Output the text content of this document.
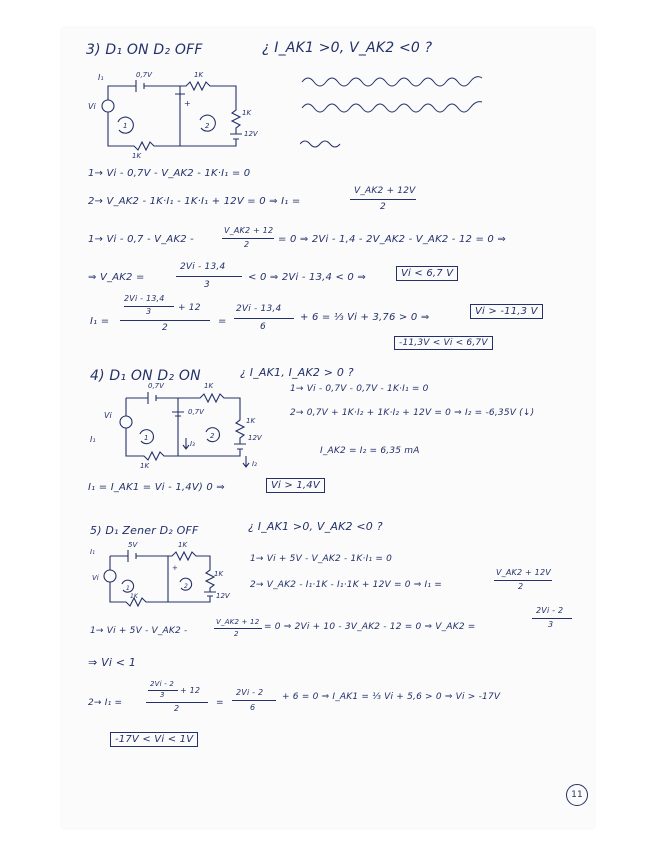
3) D₁ ON D₂ OFF	¿ I_AK1 >0, V_AK2 <0 ?
I₁	0,7V	1K
1K
12V
1K
Vi
1	2
+
1→ Vi - 0,7V - V_AK2 - 1K·I₁ = 0
2→ V_AK2 - 1K·I₁ - 1K·I₁ + 12V = 0 ⇒ I₁ =
V_AK2 + 12V
2
1→ Vi - 0,7 - V_AK2 -
V_AK2 + 12
2	= 0 ⇒ 2Vi - 1,4 - 2V_AK2 - V_AK2 - 12 = 0 ⇒
⇒ V_AK2 =
2Vi - 13,4
3
< 0 ⇒ 2Vi - 13,4 < 0 ⇒	Vi < 6,7 V
I₁ =
2Vi - 13,4
3	+ 12
2
=
2Vi - 13,4
6
+ 6 = ⅓ Vi + 3,76 > 0 ⇒
Vi > -11,3 V
-11,3V < Vi < 6,7V
4) D₁ ON D₂ ON	¿ I_AK1, I_AK2 > 0 ?
0,7V
0,7V
1K
1K
12V
1K
Vi
I₁	I₃
I₂
1	2
1→ Vi - 0,7V - 0,7V - 1K·I₁ = 0
2→ 0,7V + 1K·I₂ + 1K·I₂ + 12V = 0 ⇒ I₂ = -6,35V (↓)
I_AK2 = I₂ = 6,35 mA
I₁ = I_AK1 = Vi - 1,4V) 0 ⇒	Vi > 1,4V
5) D₁ Zener D₂ OFF	¿ I_AK1 >0, V_AK2 <0 ?
I₁
5V	1K
1K
12V
1K
Vi
1	2
+
1→ Vi + 5V - V_AK2 - 1K·I₁ = 0
2→ V_AK2 - I₁·1K - I₁·1K + 12V = 0 ⇒ I₁ =
V_AK2 + 12V
2
1→ Vi + 5V - V_AK2 -
V_AK2 + 12
2
= 0 ⇒ 2Vi + 10 - 3V_AK2 - 12 = 0 ⇒ V_AK2 =
2Vi - 2
3
⇒ Vi < 1
2→ I₁ =
2Vi - 2
3 + 12
2
=
2Vi - 2
6
+ 6 = 0 ⇒ I_AK1 = ⅓ Vi + 5,6 > 0 ⇒ Vi > -17V
-17V < Vi < 1V
11
